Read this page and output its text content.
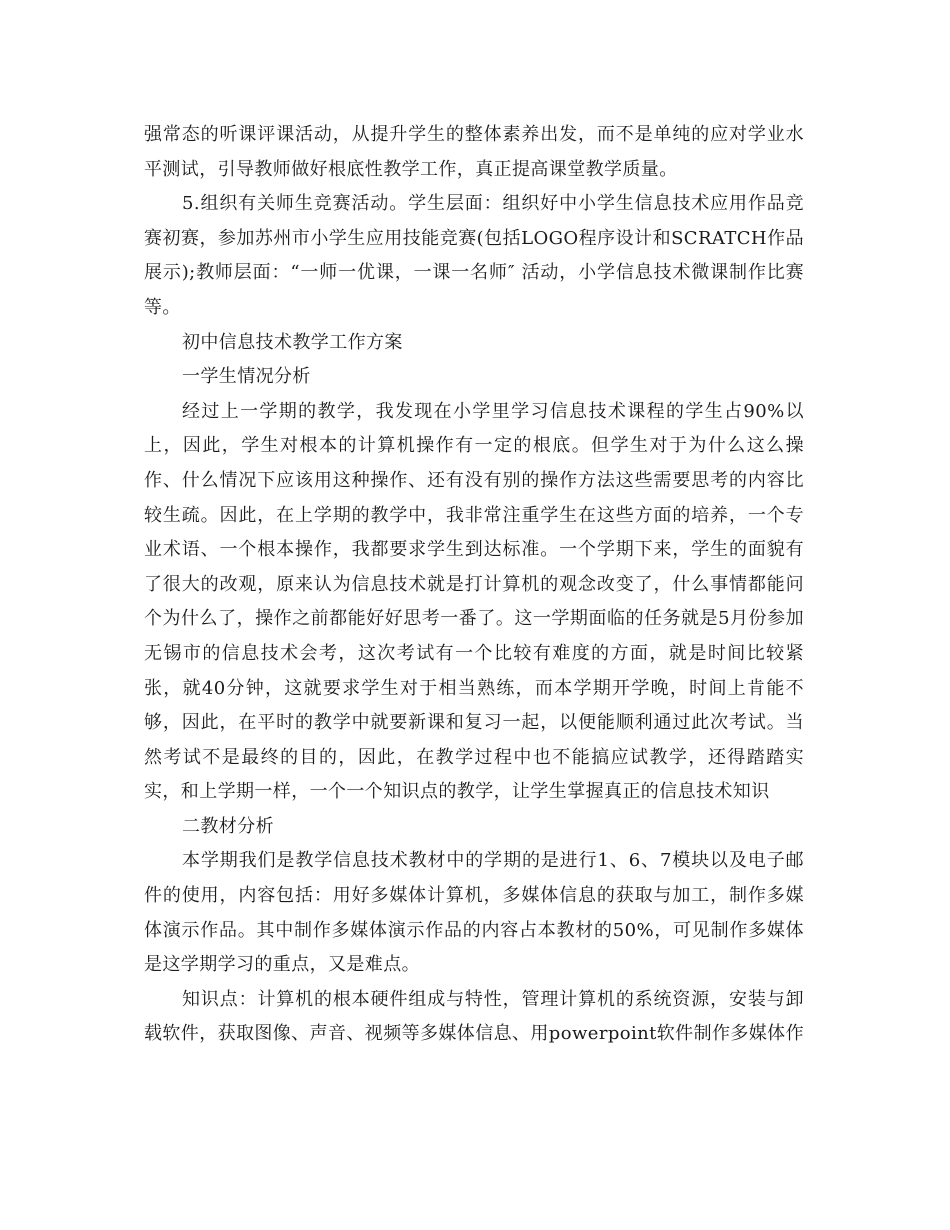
强常态的听课评课活动，从提升学生的整体素养出发，而不是单纯的应对学业水平测试，引导教师做好根底性教学工作，真正提高课堂教学质量。

5.组织有关师生竞赛活动。学生层面：组织好中小学生信息技术应用作品竞赛初赛，参加苏州市小学生应用技能竞赛(包括LOGO程序设计和SCRATCH作品展示);教师层面：“一师一优课，一课一名师″ 活动，小学信息技术微课制作比赛等。

初中信息技术教学工作方案

一学生情况分析

经过上一学期的教学，我发现在小学里学习信息技术课程的学生占90%以上，因此，学生对根本的计算机操作有一定的根底。但学生对于为什么这么操作、什么情况下应该用这种操作、还有没有别的操作方法这些需要思考的内容比较生疏。因此，在上学期的教学中，我非常注重学生在这些方面的培养，一个专业术语、一个根本操作，我都要求学生到达标准。一个学期下来，学生的面貌有了很大的改观，原来认为信息技术就是打计算机的观念改变了，什么事情都能问个为什么了，操作之前都能好好思考一番了。这一学期面临的任务就是5月份参加无锡市的信息技术会考，这次考试有一个比较有难度的方面，就是时间比较紧张，就40分钟，这就要求学生对于相当熟练，而本学期开学晚，时间上肯能不够，因此，在平时的教学中就要新课和复习一起，以便能顺利通过此次考试。当然考试不是最终的目的，因此，在教学过程中也不能搞应试教学，还得踏踏实实，和上学期一样，一个一个知识点的教学，让学生掌握真正的信息技术知识

二教材分析

本学期我们是教学信息技术教材中的学期的是进行1、6、7模块以及电子邮件的使用，内容包括：用好多媒体计算机，多媒体信息的获取与加工，制作多媒体演示作品。其中制作多媒体演示作品的内容占本教材的50%，可见制作多媒体是这学期学习的重点，又是难点。

知识点：计算机的根本硬件组成与特性，管理计算机的系统资源，安装与卸载软件，获取图像、声音、视频等多媒体信息、用powerpoint软件制作多媒体作
